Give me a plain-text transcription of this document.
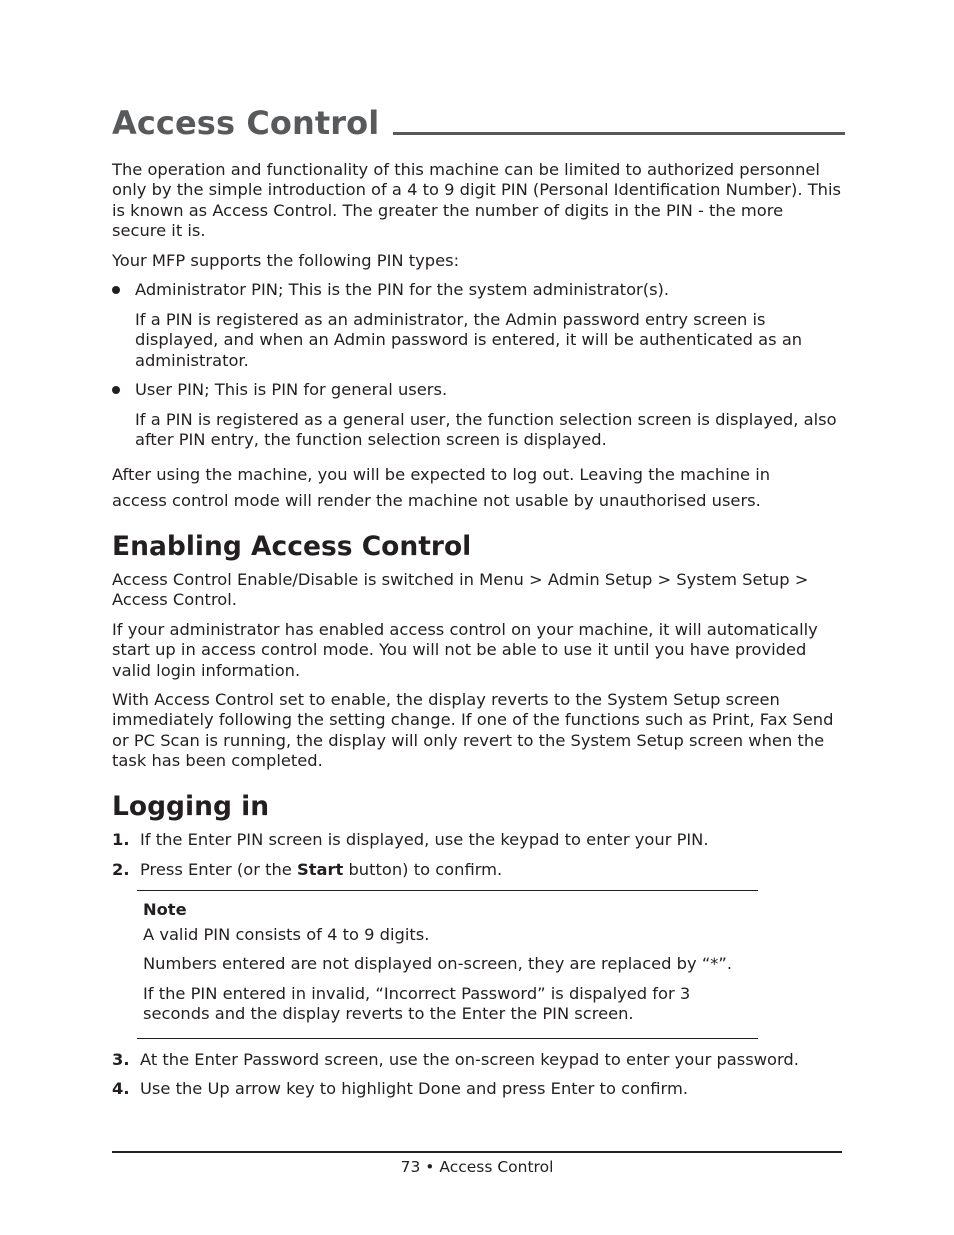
Access Control

The operation and functionality of this machine can be limited to authorized personnel only by the simple introduction of a 4 to 9 digit PIN (Personal Identification Number). This is known as Access Control. The greater the number of digits in the PIN - the more secure it is.

Your MFP supports the following PIN types:

Administrator PIN; This is the PIN for the system administrator(s).

If a PIN is registered as an administrator, the Admin password entry screen is displayed, and when an Admin password is entered, it will be authenticated as an administrator.

User PIN; This is PIN for general users.

If a PIN is registered as a general user, the function selection screen is displayed, also after PIN entry, the function selection screen is displayed.

After using the machine, you will be expected to log out. Leaving the machine in

access control mode will render the machine not usable by unauthorised users.

Enabling Access Control

Access Control Enable/Disable is switched in Menu > Admin Setup > System Setup > Access Control.

If your administrator has enabled access control on your machine, it will automatically start up in access control mode. You will not be able to use it until you have provided valid login information.

With Access Control set to enable, the display reverts to the System Setup screen immediately following the setting change. If one of the functions such as Print, Fax Send or PC Scan is running, the display will only revert to the System Setup screen when the task has been completed.

Logging in
1. If the Enter PIN screen is displayed, use the keypad to enter your PIN.
2. Press Enter (or the Start button) to confirm.

Note

A valid PIN consists of 4 to 9 digits.

Numbers entered are not displayed on-screen, they are replaced by “*”.

If the PIN entered in invalid, “Incorrect Password” is dispalyed for 3 seconds and the display reverts to the Enter the PIN screen.

3. At the Enter Password screen, use the on-screen keypad to enter your password.
4. Use the Up arrow key to highlight Done and press Enter to confirm.
73 • Access Control
